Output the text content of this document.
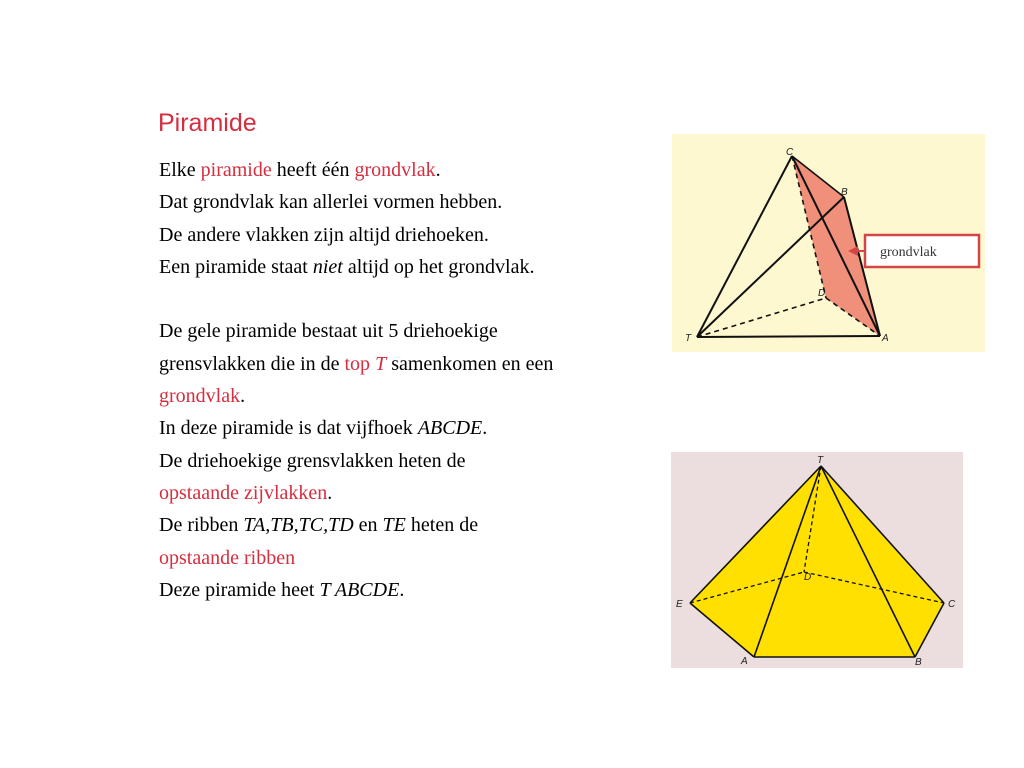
Piramide
Elke piramide heeft één grondvlak.
Dat grondvlak kan allerlei vormen hebben.
De andere vlakken zijn altijd driehoeken.
Een piramide staat niet altijd op het grondvlak.
De gele piramide bestaat uit 5 driehoekige
grensvlakken die in de top T samenkomen en een
grondvlak.
In deze piramide is dat vijfhoek ABCDE.
De driehoekige grensvlakken heten de
opstaande zijvlakken.
De ribben TA,TB,TC,TD en TE heten de
opstaande ribben
Deze piramide heet T ABCDE.
grondvlak
C
B
D
T	A
T
D
E	C
A	B
